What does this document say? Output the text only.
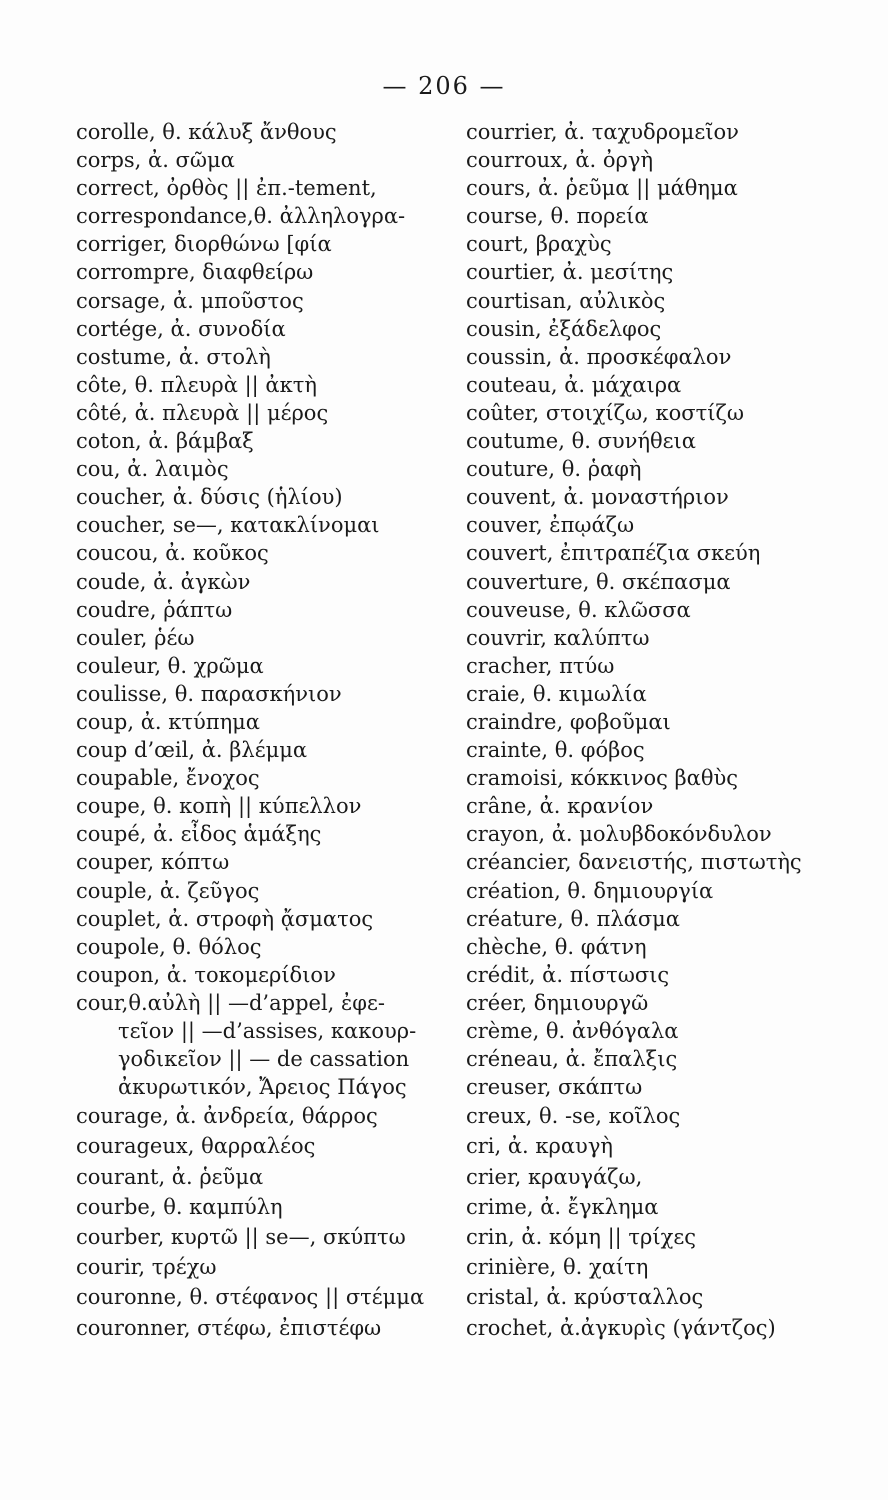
— 206 —
corolle, θ. κάλυξ ἄνθους
corps, ἀ. σῶμα
correct, ὀρθὸς || ἐπ.-tement,
correspondance,θ. ἀλληλογρα-
corriger, διορθώνω [φία
corrompre, διαφθείρω
corsage, ἀ. μποῦστος
cortége, ἀ. συνοδία
costume, ἀ. στολὴ
côte, θ. πλευρὰ || ἀκτὴ
côté, ἀ. πλευρὰ || μέρος
coton, ἀ. βάμβαξ
cou, ἀ. λαιμὸς
coucher, ἀ. δύσις (ἡλίου)
coucher, se—, κατακλίνομαι
coucou, ἀ. κοῦκος
coude, ἀ. ἀγκὼν
coudre, ῥάπτω
couler, ῥέω
couleur, θ. χρῶμα
coulisse, θ. παρασκήνιον
coup, ἀ. κτύπημα
coup d’œil, ἀ. βλέμμα
coupable, ἔνοχος
coupe, θ. κοπὴ || κύπελλον
coupé, ἀ. εἶδος ἁμάξης
couper, κόπτω
couple, ἀ. ζεῦγος
couplet, ἀ. στροφὴ ᾄσματος
coupole, θ. θόλος
coupon, ἀ. τοκομερίδιον
cour,θ.αὐλὴ || —d’appel, ἐφε-
τεῖον || —d’assises, κακουρ-
γοδικεῖον || — de cassation
ἀκυρωτικόν, Ἄρειος Πάγος
courage, ἀ. ἀνδρεία, θάρρος
courageux, θαρραλέος
courant, ἀ. ῥεῦμα
courbe, θ. καμπύλη
courber, κυρτῶ || se—, σκύπτω
courir, τρέχω
couronne, θ. στέφανος || στέμμα
couronner, στέφω, ἐπιστέφω
courrier, ἀ. ταχυδρομεῖον
courroux, ἀ. ὀργὴ
cours, ἀ. ῥεῦμα || μάθημα
course, θ. πορεία
court, βραχὺς
courtier, ἀ. μεσίτης
courtisan, αὐλικὸς
cousin, ἐξάδελφος
coussin, ἀ. προσκέφαλον
couteau, ἀ. μάχαιρα
coûter, στοιχίζω, κοστίζω
coutume, θ. συνήθεια
couture, θ. ῥαφὴ
couvent, ἀ. μοναστήριον
couver, ἐπῳάζω
couvert, ἐπιτραπέζια σκεύη
couverture, θ. σκέπασμα
couveuse, θ. κλῶσσα
couvrir, καλύπτω
cracher, πτύω
craie, θ. κιμωλία
craindre, φοβοῦμαι
crainte, θ. φόβος
cramoisi, κόκκινος βαθὺς
crâne, ἀ. κρανίον
crayon, ἀ. μολυβδοκόνδυλον
créancier, δανειστής, πιστωτὴς
création, θ. δημιουργία
créature, θ. πλάσμα
chèche, θ. φάτνη
crédit, ἀ. πίστωσις
créer, δημιουργῶ
crème, θ. ἀνθόγαλα
créneau, ἀ. ἔπαλξις
creuser, σκάπτω
creux, θ. -se, κοῖλος
cri, ἀ. κραυγὴ
crier, κραυγάζω,
crime, ἀ. ἔγκλημα
crin, ἀ. κόμη || τρίχες
crinière, θ. χαίτη
cristal, ἀ. κρύσταλλος
crochet, ἀ.ἀγκυρὶς (γάντζος)
